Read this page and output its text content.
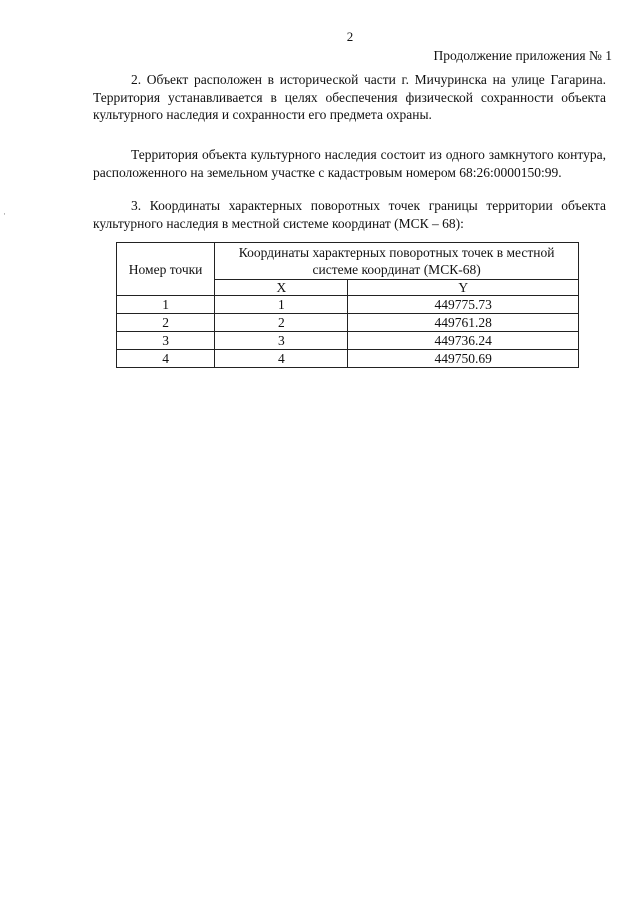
2
Продолжение приложения № 1

2. Объект расположен в исторической части г. Мичуринска на улице Гагарина. Территория устанавливается в целях обеспечения физической сохранности объекта культурного наследия и сохранности его предмета охраны.

Территория объекта культурного наследия состоит из одного замкнутого контура, расположенного на земельном участке с кадастровым номером 68:26:0000150:99.

3. Координаты характерных поворотных точек границы территории объекта культурного наследия в местной системе координат (МСК – 68):

·
Номер точки	Координаты характерных поворотных точек в местной системе координат (МСК-68)	
	X	Y
1	1	449775.73
2	2	449761.28
3	3	449736.24
4	4	449750.69
